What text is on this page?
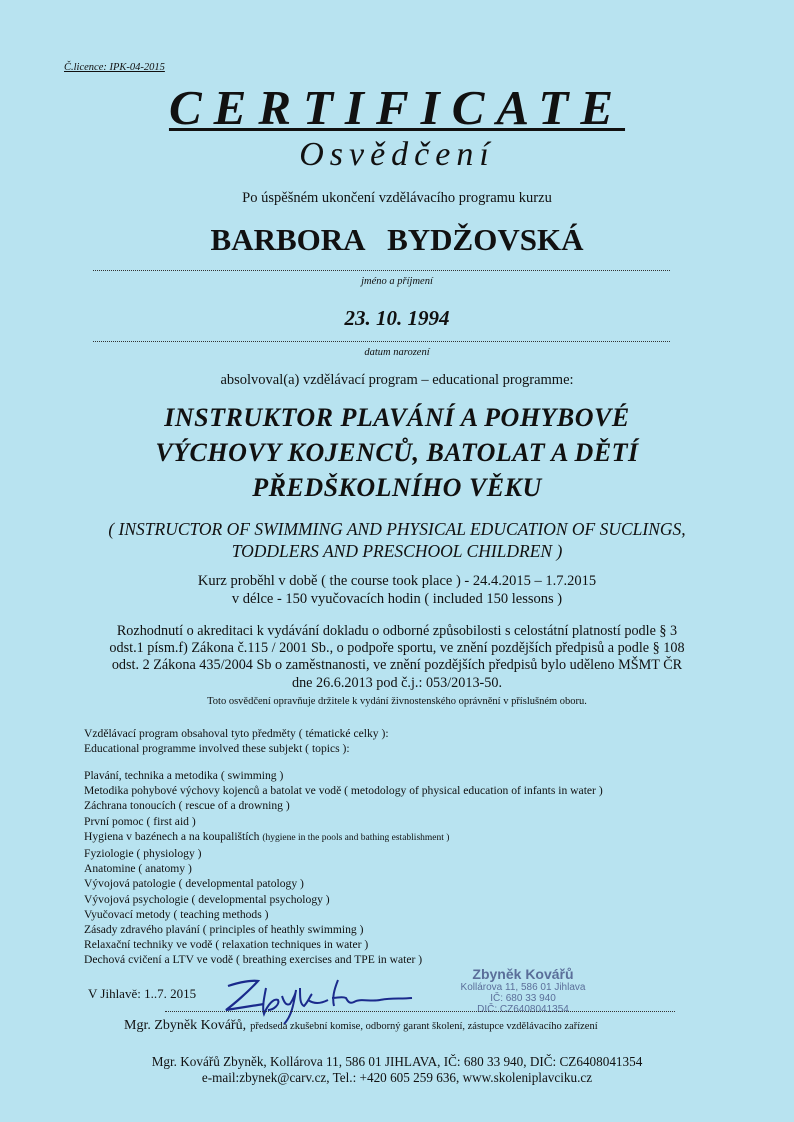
Č.licence: IPK-04-2015
CERTIFICATE
Osvědčení
Po úspěšném ukončení vzdělávacího programu kurzu
BARBORA   BYDŽOVSKÁ
jméno a příjmení
23. 10. 1994
datum narození
absolvoval(a) vzdělávací program – educational programme:
INSTRUKTOR PLAVÁNÍ A POHYBOVÉ
VÝCHOVY KOJENCŮ, BATOLAT A DĚTÍ
PŘEDŠKOLNÍHO VĚKU
( INSTRUCTOR OF SWIMMING AND PHYSICAL EDUCATION OF SUCLINGS,
TODDLERS AND PRESCHOOL CHILDREN )
Kurz proběhl v době ( the course took place ) - 24.4.2015 – 1.7.2015
v délce - 150 vyučovacích hodin ( included 150 lessons )
Rozhodnutí o akreditaci k vydávání dokladu o odborné způsobilosti s celostátní platností podle § 3
odst.1 písm.f) Zákona č.115 / 2001 Sb., o podpoře sportu, ve znění pozdějších předpisů a podle § 108
odst. 2 Zákona 435/2004 Sb o zaměstnanosti, ve znění pozdějších předpisů bylo uděleno MŠMT ČR
dne 26.6.2013 pod č.j.: 053/2013-50.
Toto osvědčení opravňuje držitele k vydání živnostenského oprávnění v příslušném oboru.
Vzdělávací program obsahoval tyto předměty ( tématické celky ):
Educational programme involved these subjekt ( topics ):
Plavání, technika a metodika ( swimming )
Metodika pohybové výchovy kojenců a batolat ve vodě ( metodology of physical education of infants in water )
Záchrana tonoucích ( rescue of a drowning )
První pomoc ( first aid )
Hygiena v bazénech a na koupalištích (hygiene in the pools and bathing establishment )
Fyziologie ( physiology )
Anatomine ( anatomy )
Vývojová patologie ( developmental patology )
Vývojová psychologie ( developmental psychology )
Vyučovací metody ( teaching methods )
Zásady zdravého plavání ( principles of heathly swimming )
Relaxační techniky ve vodě ( relaxation techniques in water )
Dechová cvičení a LTV ve vodě ( breathing exercises and TPE in water )
V Jihlavě: 1..7. 2015
Zbyněk Kovářů
Kollárova 11, 586 01 Jihlava
IČ: 680 33 940
DIČ: CZ6408041354
Mgr. Zbyněk Kovářů, předseda zkušební komise, odborný garant školení, zástupce vzdělávacího zařízení
Mgr. Kovářů Zbyněk, Kollárova 11, 586 01 JIHLAVA, IČ: 680 33 940, DIČ: CZ6408041354
e-mail:zbynek@carv.cz, Tel.: +420 605 259 636, www.skoleniplavciku.cz
